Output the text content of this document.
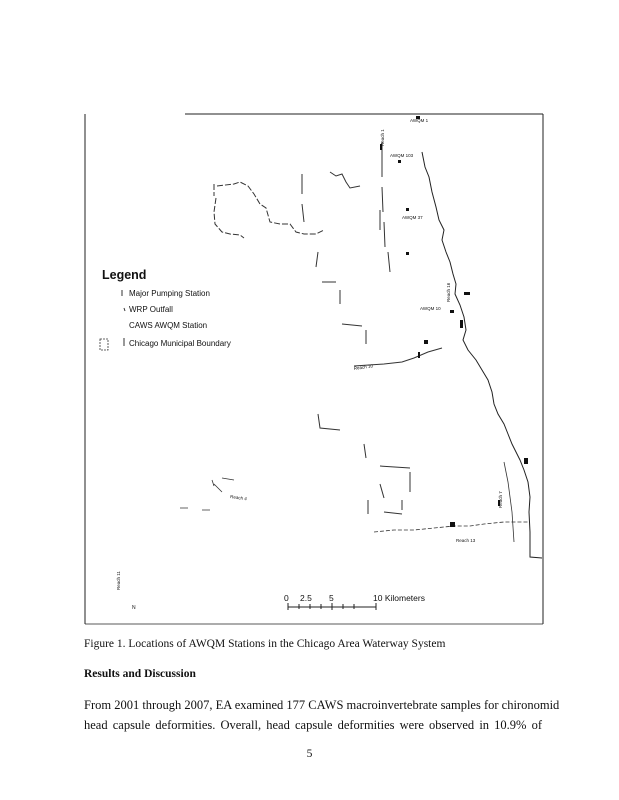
AWQM 1
Reach 1
AWQM 103
AWQM 37
Reach 16
AWQM 10
Reach 10
Reach 4
Reach 13
Reach 7
Reach 11
N
Legend
Major Pumping Station
WRP Outfall
CAWS AWQM Station
Chicago Municipal Boundary
0 2.5 5	10 Kilometers
Figure 1. Locations of AWQM Stations in the Chicago Area Waterway System
Results and Discussion
From 2001 through 2007, EA examined 177 CAWS macroinvertebrate samples for chironomid
head capsule deformities. Overall, head capsule deformities were observed in 10.9% of
5
